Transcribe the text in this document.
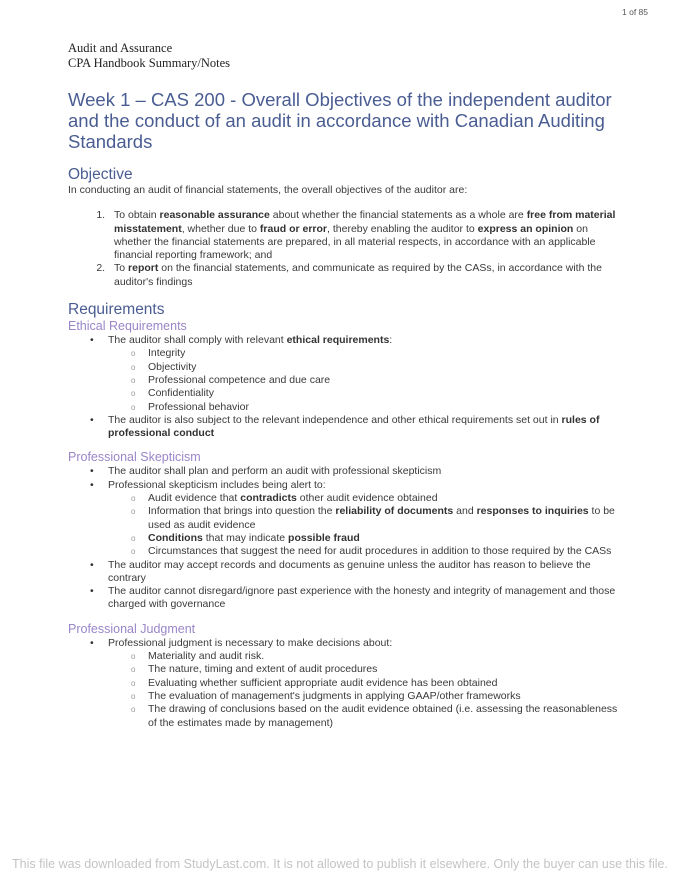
1 of 85
Audit and Assurance
CPA Handbook Summary/Notes
Week 1 – CAS 200 - Overall Objectives of the independent auditor and the conduct of an audit in accordance with Canadian Auditing Standards
Objective

In conducting an audit of financial statements, the overall objectives of the auditor are:

1. To obtain reasonable assurance about whether the financial statements as a whole are free from material misstatement, whether due to fraud or error, thereby enabling the auditor to express an opinion on whether the financial statements are prepared, in all material respects, in accordance with an applicable financial reporting framework; and
2. To report on the financial statements, and communicate as required by the CASs, in accordance with the auditor's findings
Requirements
Ethical Requirements
• The auditor shall comply with relevant ethical requirements:
o Integrity
o Objectivity
o Professional competence and due care
o Confidentiality
o Professional behavior
• The auditor is also subject to the relevant independence and other ethical requirements set out in rules of professional conduct
Professional Skepticism
• The auditor shall plan and perform an audit with professional skepticism
• Professional skepticism includes being alert to:
o Audit evidence that contradicts other audit evidence obtained
o Information that brings into question the reliability of documents and responses to inquiries to be used as audit evidence
o Conditions that may indicate possible fraud
o Circumstances that suggest the need for audit procedures in addition to those required by the CASs
• The auditor may accept records and documents as genuine unless the auditor has reason to believe the contrary
• The auditor cannot disregard/ignore past experience with the honesty and integrity of management and those charged with governance
Professional Judgment
• Professional judgment is necessary to make decisions about:
o Materiality and audit risk.
o The nature, timing and extent of audit procedures
o Evaluating whether sufficient appropriate audit evidence has been obtained
o The evaluation of management's judgments in applying GAAP/other frameworks
o The drawing of conclusions based on the audit evidence obtained (i.e. assessing the reasonableness of the estimates made by management)
This file was downloaded from StudyLast.com. It is not allowed to publish it elsewhere. Only the buyer can use this file.
